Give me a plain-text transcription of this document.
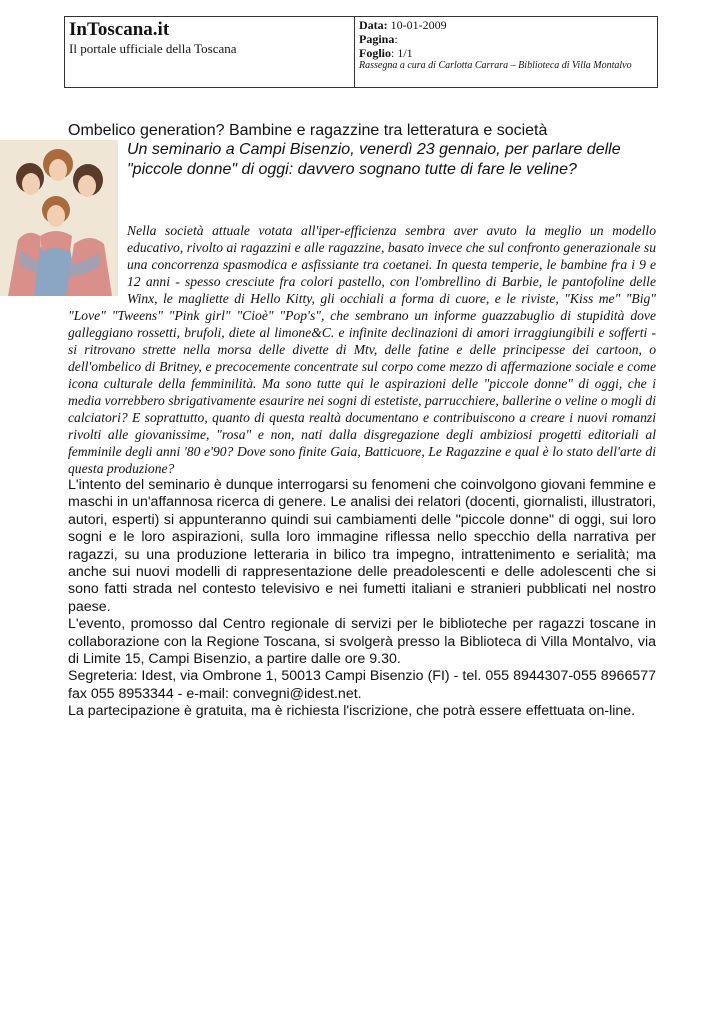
InToscana.it
Il portale ufficiale della Toscana
Data: 10-01-2009
Pagina:
Foglio: 1/1
Rassegna a cura di Carlotta Carrara – Biblioteca di Villa Montalvo
Ombelico generation? Bambine e ragazzine tra letteratura e società
Un seminario a Campi Bisenzio, venerdì 23 gennaio, per parlare delle "piccole donne" di oggi: davvero sognano tutte di fare le veline?

Nella società attuale votata all'iper-efficienza sembra aver avuto la meglio un modello educativo, rivolto ai ragazzini e alle ragazzine, basato invece che sul confronto generazionale su una concorrenza spasmodica e asfissiante tra coetanei. In questa temperie, le bambine fra i 9 e 12 anni - spesso cresciute fra colori pastello, con l'ombrellino di Barbie, le pantofoline delle Winx, le magliette di Hello Kitty, gli occhiali a forma di cuore, e le riviste, "Kiss me" "Big" "Love" "Tweens" "Pink girl" "Cioè" "Pop's", che sembrano un informe guazzabuglio di stupidità dove galleggiano rossetti, brufoli, diete al limone&C. e infinite declinazioni di amori irraggiungibili e sofferti - si ritrovano strette nella morsa delle divette di Mtv, delle fatine e delle principesse dei cartoon, o dell'ombelico di Britney, e precocemente concentrate sul corpo come mezzo di affermazione sociale e come icona culturale della femminilità. Ma sono tutte qui le aspirazioni delle "piccole donne" di oggi, che i media vorrebbero sbrigativamente esaurire nei sogni di estetiste, parrucchiere, ballerine o veline o mogli di calciatori? E soprattutto, quanto di questa realtà documentano e contribuiscono a creare i nuovi romanzi rivolti alle giovanissime, "rosa" e non, nati dalla disgregazione degli ambiziosi progetti editoriali al femminile degli anni '80 e'90? Dove sono finite Gaia, Batticuore, Le Ragazzine e qual è lo stato dell'arte di questa produzione?

L'intento del seminario è dunque interrogarsi su fenomeni che coinvolgono giovani femmine e maschi in un'affannosa ricerca di genere. Le analisi dei relatori (docenti, giornalisti, illustratori, autori, esperti) si appunteranno quindi sui cambiamenti delle "piccole donne" di oggi, sui loro sogni e le loro aspirazioni, sulla loro immagine riflessa nello specchio della narrativa per ragazzi, su una produzione letteraria in bilico tra impegno, intrattenimento e serialità; ma anche sui nuovi modelli di rappresentazione delle preadolescenti e delle adolescenti che si sono fatti strada nel contesto televisivo e nei fumetti italiani e stranieri pubblicati nel nostro paese.

L'evento, promosso dal Centro regionale di servizi per le biblioteche per ragazzi toscane in collaborazione con la Regione Toscana, si svolgerà presso la Biblioteca di Villa Montalvo, via di Limite 15, Campi Bisenzio, a partire dalle ore 9.30.

Segreteria: Idest, via Ombrone 1, 50013 Campi Bisenzio (FI) - tel. 055 8944307-055 8966577 fax 055 8953344 - e-mail: convegni@idest.net.

La partecipazione è gratuita, ma è richiesta l'iscrizione, che potrà essere effettuata on-line.
